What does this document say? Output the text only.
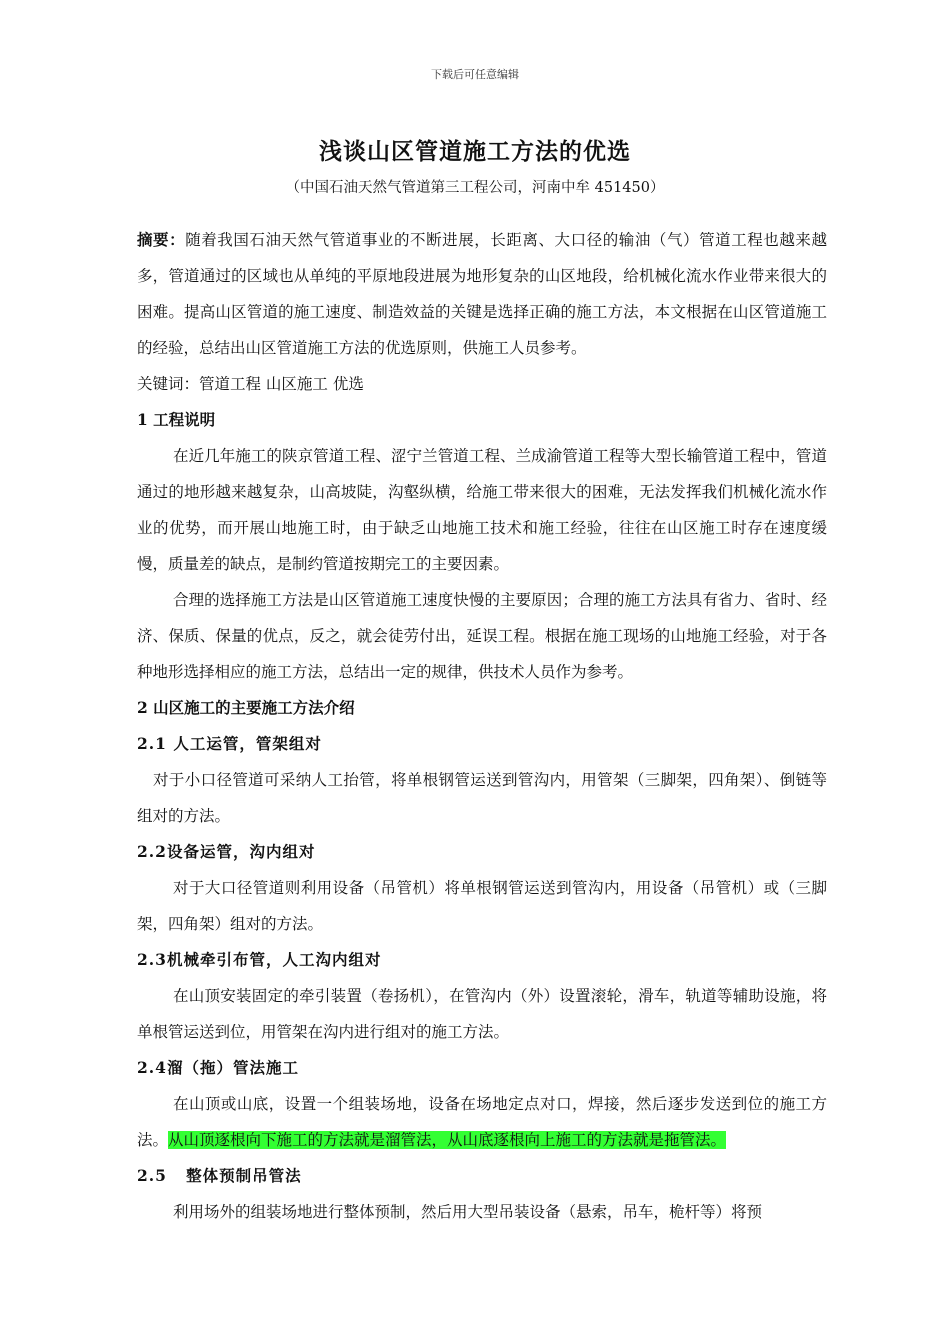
下载后可任意编辑
浅谈山区管道施工方法的优选
（中国石油天然气管道第三工程公司，河南中牟 451450）

摘要：随着我国石油天然气管道事业的不断进展，长距离、大口径的输油（气）管道工程也越来越多，管道通过的区域也从单纯的平原地段进展为地形复杂的山区地段，给机械化流水作业带来很大的困难。提高山区管道的施工速度、制造效益的关键是选择正确的施工方法，本文根据在山区管道施工的经验，总结出山区管道施工方法的优选原则，供施工人员参考。

关键词：管道工程 山区施工 优选

1 工程说明

在近几年施工的陕京管道工程、涩宁兰管道工程、兰成渝管道工程等大型长输管道工程中，管道通过的地形越来越复杂，山高坡陡，沟壑纵横，给施工带来很大的困难，无法发挥我们机械化流水作业的优势，而开展山地施工时，由于缺乏山地施工技术和施工经验，往往在山区施工时存在速度缓慢，质量差的缺点，是制约管道按期完工的主要因素。

合理的选择施工方法是山区管道施工速度快慢的主要原因；合理的施工方法具有省力、省时、经济、保质、保量的优点，反之，就会徒劳付出，延误工程。根据在施工现场的山地施工经验，对于各种地形选择相应的施工方法，总结出一定的规律，供技术人员作为参考。

2 山区施工的主要施工方法介绍

2.1 人工运管，管架组对

对于小口径管道可采纳人工抬管，将单根钢管运送到管沟内，用管架（三脚架，四角架）、倒链等组对的方法。

2.2设备运管，沟内组对

对于大口径管道则利用设备（吊管机）将单根钢管运送到管沟内，用设备（吊管机）或（三脚架，四角架）组对的方法。

2.3机械牵引布管，人工沟内组对

在山顶安装固定的牵引装置（卷扬机），在管沟内（外）设置滚轮，滑车，轨道等辅助设施，将单根管运送到位，用管架在沟内进行组对的施工方法。

2.4溜（拖）管法施工

在山顶或山底，设置一个组装场地，设备在场地定点对口，焊接，然后逐步发送到位的施工方法。从山顶逐根向下施工的方法就是溜管法，从山底逐根向上施工的方法就是拖管法。

2.5   整体预制吊管法

利用场外的组装场地进行整体预制，然后用大型吊装设备（悬索，吊车，桅杆等）将预
